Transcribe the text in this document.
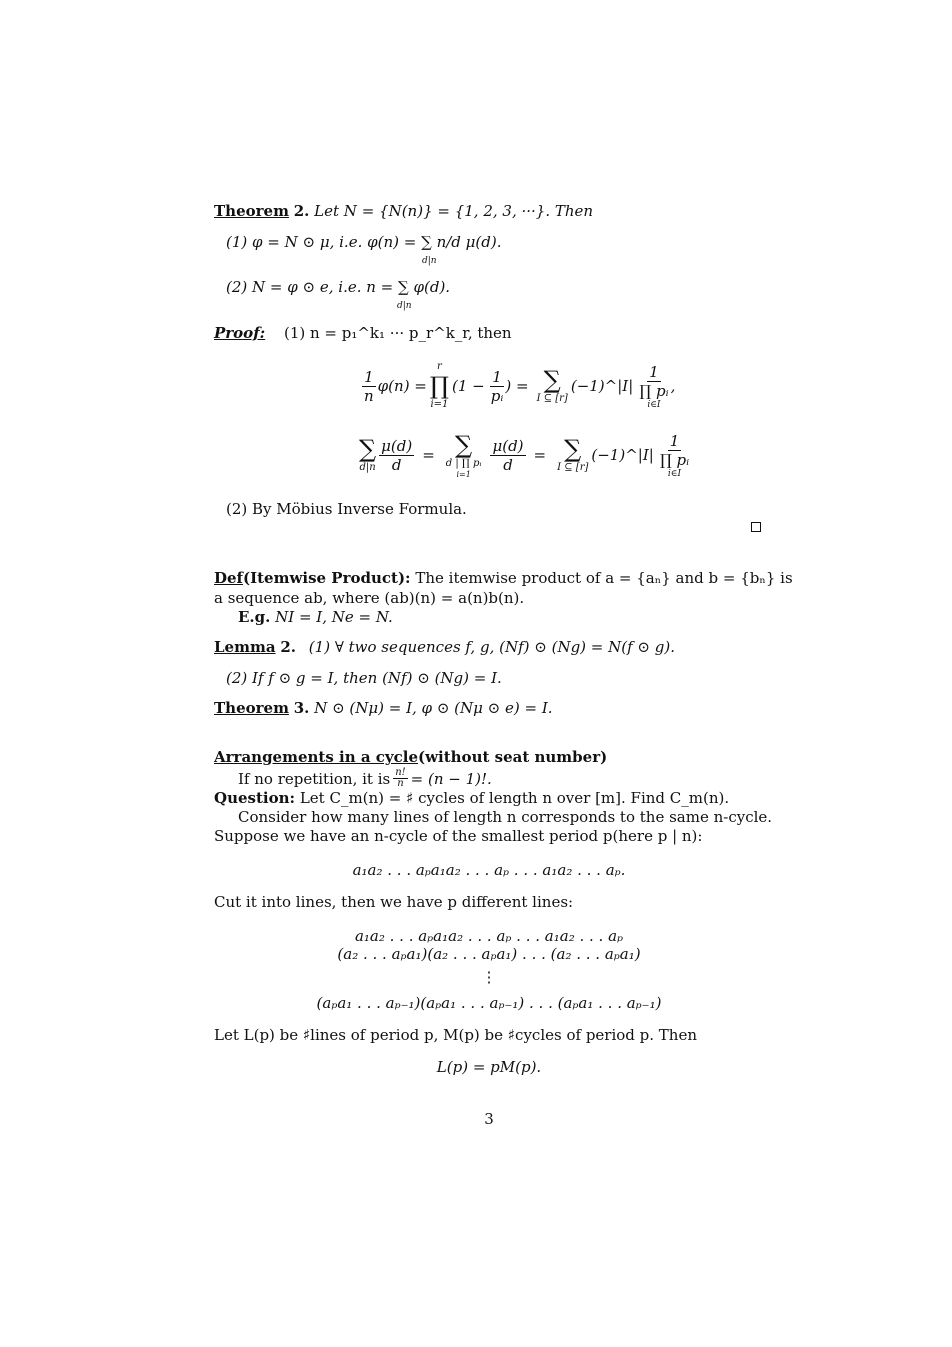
Theorem 2. Let N = {N(n)} = {1, 2, 3, ···}. Then
(1) φ = N ⊙ μ, i.e. φ(n) = ∑ n/d μ(d).
d|n
(2) N = φ ⊙ e, i.e. n = ∑ φ(d).
d|n
Proof: (1) n = p₁^k₁ ··· p_r^k_r, then
$\frac{1}{n} \varphi(n)$ =
r
∏
i=1
($1 - \frac{1}{\text{pᵢ}}$ ) = ∑
I ⊆ [r]
(−1)^|I|
1
∏ pᵢ
i∈I
,
∑
$d|n \frac{\mu(d)}{d}$ = ∑
d | ∏ pᵢ
i=1
$\frac{\mu(d)}{d}$ = ∑
I ⊆ [r]
(−1)^|I|
1
∏ pᵢ
i∈I
(2) By Möbius Inverse Formula.
Def(Itemwise Product): The itemwise product of a = {aₙ} and b = {bₙ} is
a sequence ab, where (ab)(n) = a(n)b(n).
E.g. NI = I, Ne = N.
Lemma 2. (1) ∀ two sequences f, g, (Nf) ⊙ (Ng) = N(f ⊙ g).
(2) If f ⊙ g = I, then (Nf) ⊙ (Ng) = I.
Theorem 3. N ⊙ (Nμ) = I, φ ⊙ (Nμ ⊙ e) = I.
Arrangements in a cycle(without seat number)
If no repetition, it is $\frac{n!}{n} = (n - 1)$!.
Question: Let C_m(n) = ♯ cycles of length n over [m]. Find C_m(n).
Consider how many lines of length n corresponds to the same n-cycle.
Suppose we have an n-cycle of the smallest period p(here p | n):
a₁a₂ . . . aₚa₁a₂ . . . aₚ . . . a₁a₂ . . . aₚ.
Cut it into lines, then we have p different lines:
a₁a₂ . . . aₚa₁a₂ . . . aₚ . . . a₁a₂ . . . aₚ
(a₂ . . . aₚa₁)(a₂ . . . aₚa₁) . . . (a₂ . . . aₚa₁)
⋮
(aₚa₁ . . . aₚ₋₁)(aₚa₁ . . . aₚ₋₁) . . . (aₚa₁ . . . aₚ₋₁)
Let L(p) be ♯lines of period p, M(p) be ♯cycles of period p. Then
L(p) = pM(p).
3
